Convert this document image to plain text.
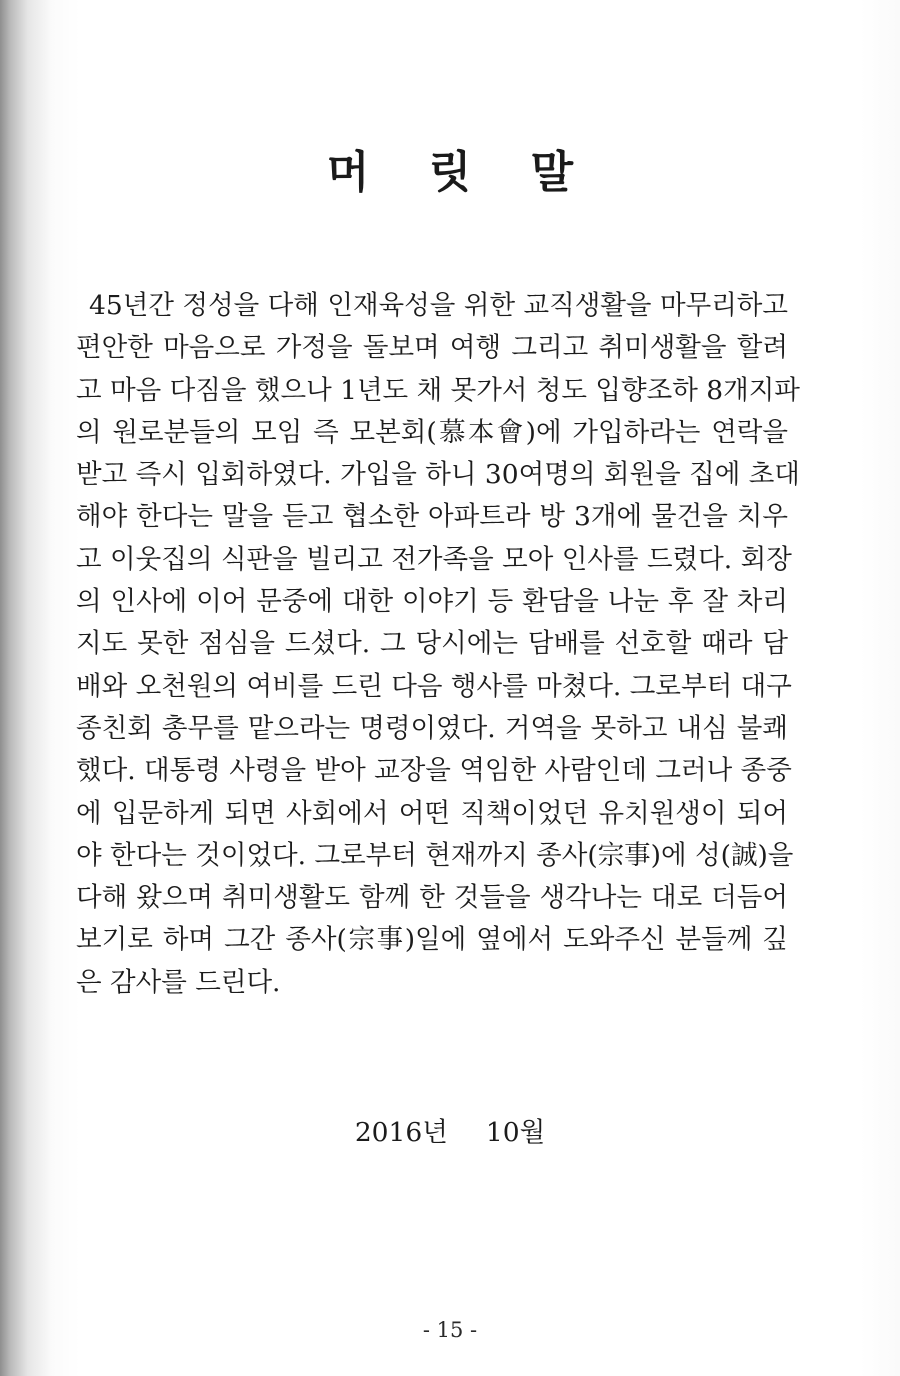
머 릿 말
45년간 정성을 다해 인재육성을 위한 교직생활을 마무리하고
편안한 마음으로 가정을 돌보며 여행 그리고 취미생활을 할려
고 마음 다짐을 했으나 1년도 채 못가서 청도 입향조하 8개지파
의 원로분들의 모임 즉 모본회(慕本會)에 가입하라는 연락을
받고 즉시 입회하였다. 가입을 하니 30여명의 회원을 집에 초대
해야 한다는 말을 듣고 협소한 아파트라 방 3개에 물건을 치우
고 이웃집의 식판을 빌리고 전가족을 모아 인사를 드렸다. 회장
의 인사에 이어 문중에 대한 이야기 등 환담을 나눈 후 잘 차리
지도 못한 점심을 드셨다. 그 당시에는 담배를 선호할 때라 담
배와 오천원의 여비를 드린 다음 행사를 마쳤다. 그로부터 대구
종친회 총무를 맡으라는 명령이였다. 거역을 못하고 내심 불쾌
했다. 대통령 사령을 받아 교장을 역임한 사람인데 그러나 종중
에 입문하게 되면 사회에서 어떤 직책이었던 유치원생이 되어
야 한다는 것이었다. 그로부터 현재까지 종사(宗事)에 성(誠)을
다해 왔으며 취미생활도 함께 한 것들을 생각나는 대로 더듬어
보기로 하며 그간 종사(宗事)일에 옆에서 도와주신 분들께 깊
은 감사를 드린다.
2016년 10월
- 15 -
